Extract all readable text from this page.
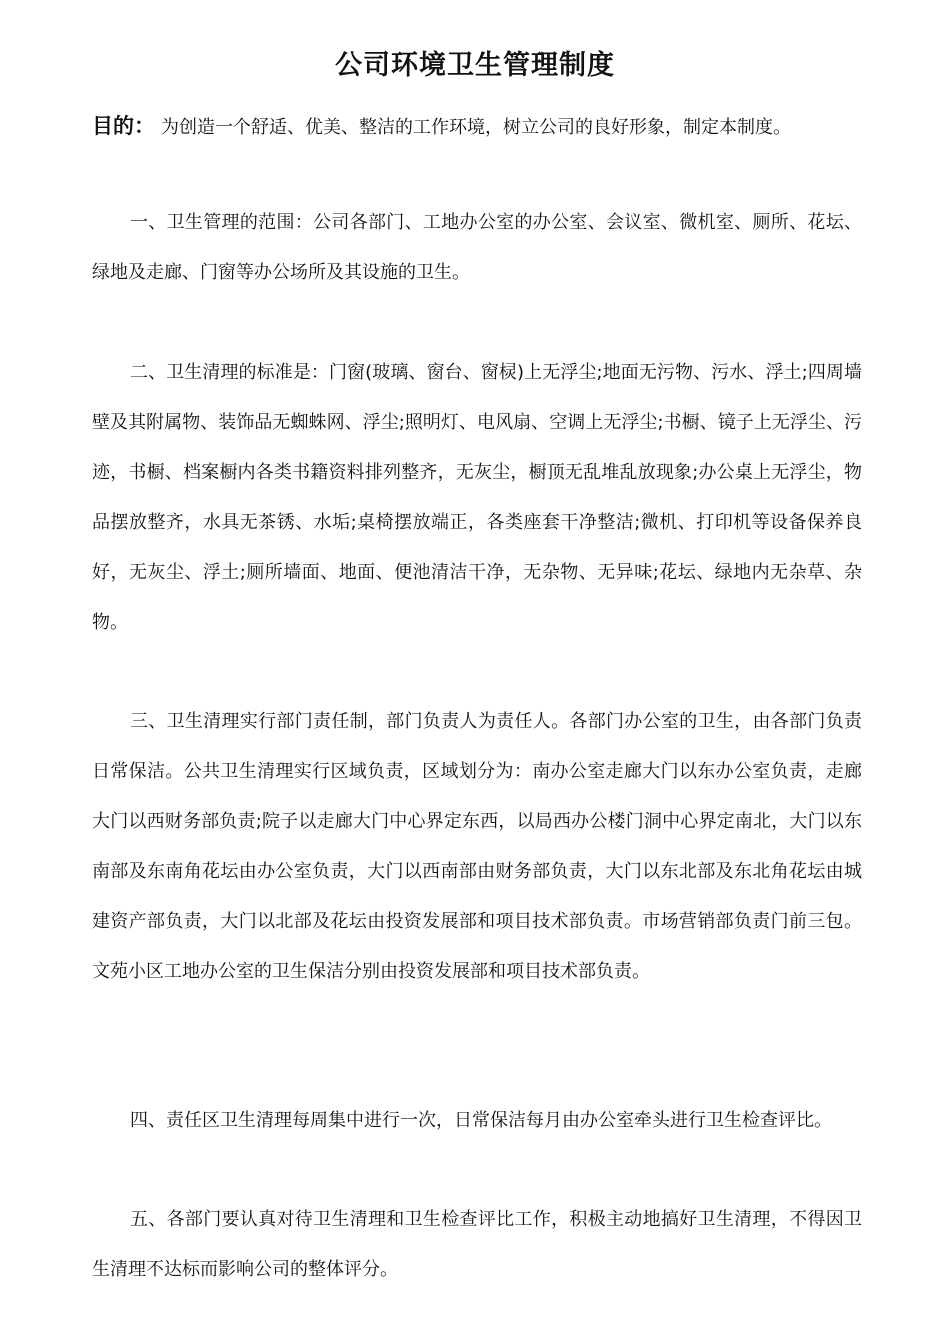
公司环境卫生管理制度
目的： 为创造一个舒适、优美、整洁的工作环境，树立公司的良好形象，制定本制度。

一、卫生管理的范围：公司各部门、工地办公室的办公室、会议室、微机室、厕所、花坛、绿地及走廊、门窗等办公场所及其设施的卫生。

二、卫生清理的标准是：门窗(玻璃、窗台、窗棂)上无浮尘;地面无污物、污水、浮土;四周墙壁及其附属物、装饰品无蜘蛛网、浮尘;照明灯、电风扇、空调上无浮尘;书橱、镜子上无浮尘、污迹，书橱、档案橱内各类书籍资料排列整齐，无灰尘，橱顶无乱堆乱放现象;办公桌上无浮尘，物品摆放整齐，水具无茶锈、水垢;桌椅摆放端正，各类座套干净整洁;微机、打印机等设备保养良好，无灰尘、浮土;厕所墙面、地面、便池清洁干净，无杂物、无异味;花坛、绿地内无杂草、杂物。

三、卫生清理实行部门责任制，部门负责人为责任人。各部门办公室的卫生，由各部门负责日常保洁。公共卫生清理实行区域负责，区域划分为：南办公室走廊大门以东办公室负责，走廊大门以西财务部负责;院子以走廊大门中心界定东西，以局西办公楼门洞中心界定南北，大门以东南部及东南角花坛由办公室负责，大门以西南部由财务部负责，大门以东北部及东北角花坛由城建资产部负责，大门以北部及花坛由投资发展部和项目技术部负责。市场营销部负责门前三包。文苑小区工地办公室的卫生保洁分别由投资发展部和项目技术部负责。

四、责任区卫生清理每周集中进行一次，日常保洁每月由办公室牵头进行卫生检查评比。

五、各部门要认真对待卫生清理和卫生检查评比工作，积极主动地搞好卫生清理，不得因卫生清理不达标而影响公司的整体评分。
